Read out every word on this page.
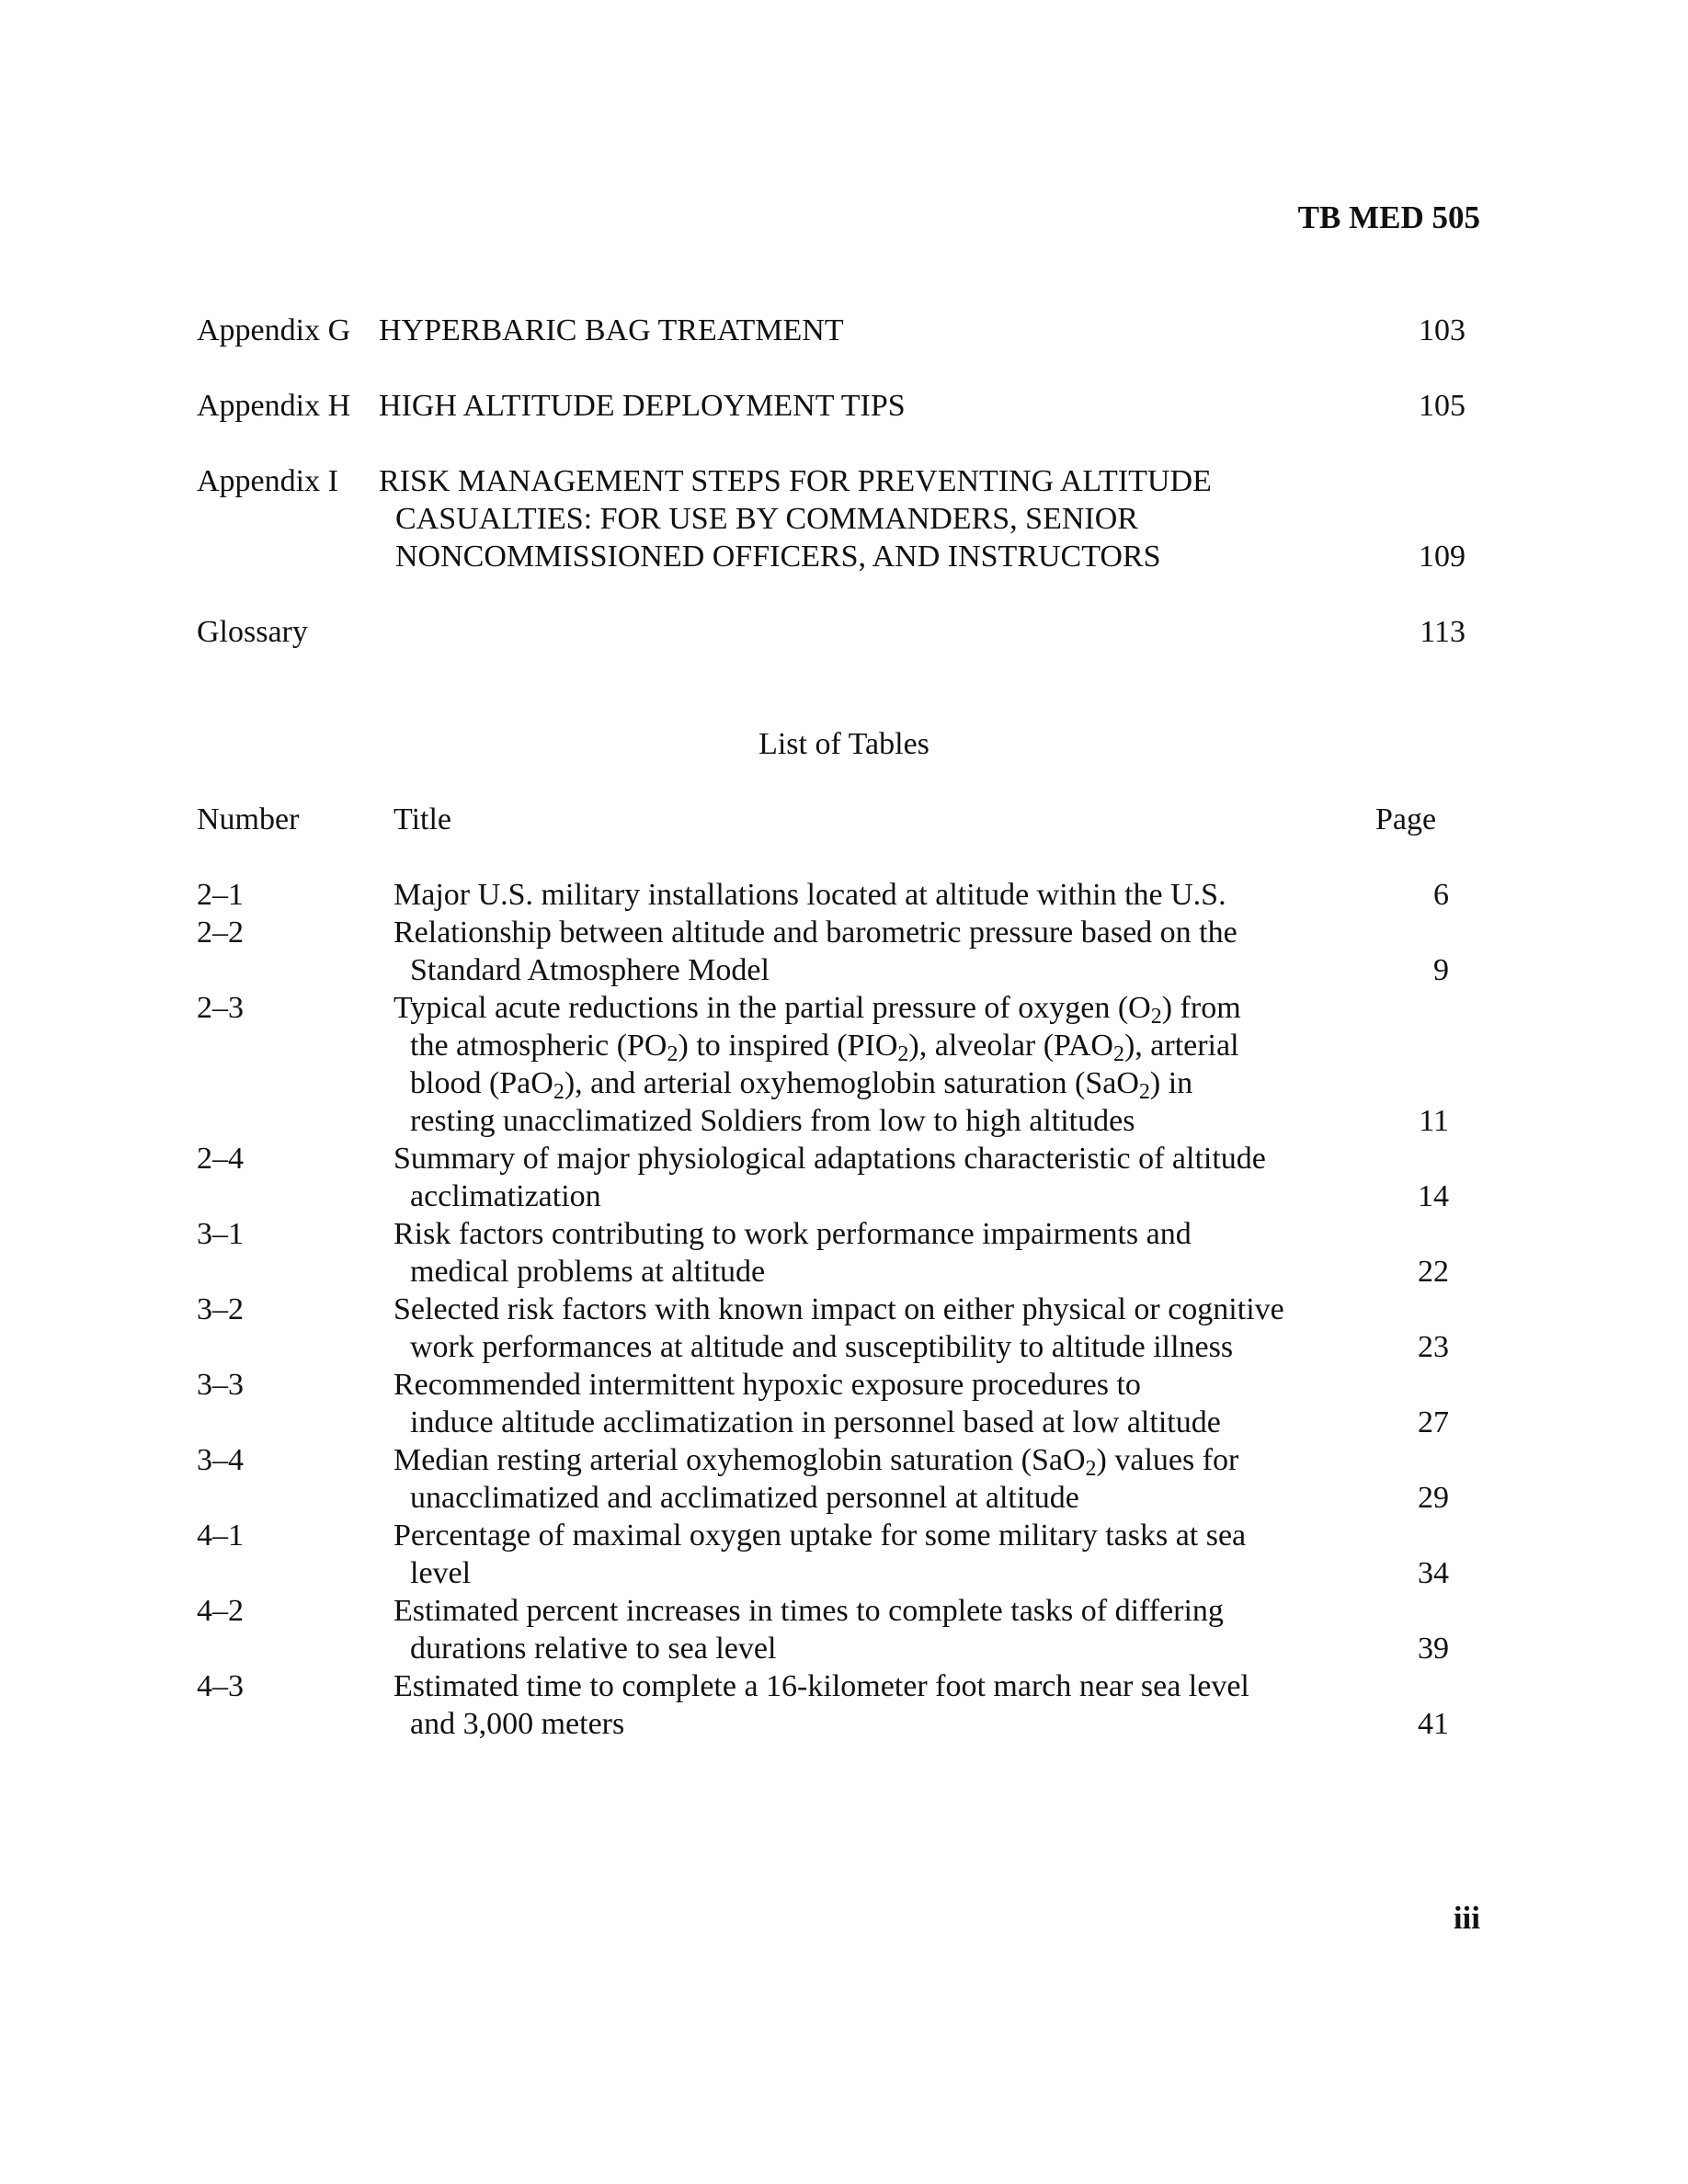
TB MED 505
Appendix G HYPERBARIC BAG TREATMENT	103
Appendix H HIGH ALTITUDE DEPLOYMENT TIPS	105
Appendix I RISK MANAGEMENT STEPS FOR PREVENTING ALTITUDE
CASUALTIES: FOR USE BY COMMANDERS, SENIOR
NONCOMMISSIONED OFFICERS, AND INSTRUCTORS	109
Glossary	113
List of Tables
Number	Title	Page
2–1	Major U.S. military installations located at altitude within the U.S.	6
2–2	Relationship between altitude and barometric pressure based on the
Standard Atmosphere Model	9
2–3	Typical acute reductions in the partial pressure of oxygen $(O_2)$ from
the atmospheric $(PO_2)$ to inspired $(PIO_2)$, alveolar $(PAO_2)$, arterial
blood (PaO$_2$), and arterial oxyhemoglobin saturation (SaO$_2$) in
resting unacclimatized Soldiers from low to high altitudes	11
2–4	Summary of major physiological adaptations characteristic of altitude
acclimatization	14
3–1	Risk factors contributing to work performance impairments and
medical problems at altitude	22
3–2	Selected risk factors with known impact on either physical or cognitive
work performances at altitude and susceptibility to altitude illness	23
3–3	Recommended intermittent hypoxic exposure procedures to
induce altitude acclimatization in personnel based at low altitude	27
3–4	Median resting arterial oxyhemoglobin saturation (SaO$_2$) values for
unacclimatized and acclimatized personnel at altitude	29
4–1	Percentage of maximal oxygen uptake for some military tasks at sea
level	34
4–2	Estimated percent increases in times to complete tasks of differing
durations relative to sea level	39
4–3	Estimated time to complete a 16-kilometer foot march near sea level
and 3,000 meters	41
iii
